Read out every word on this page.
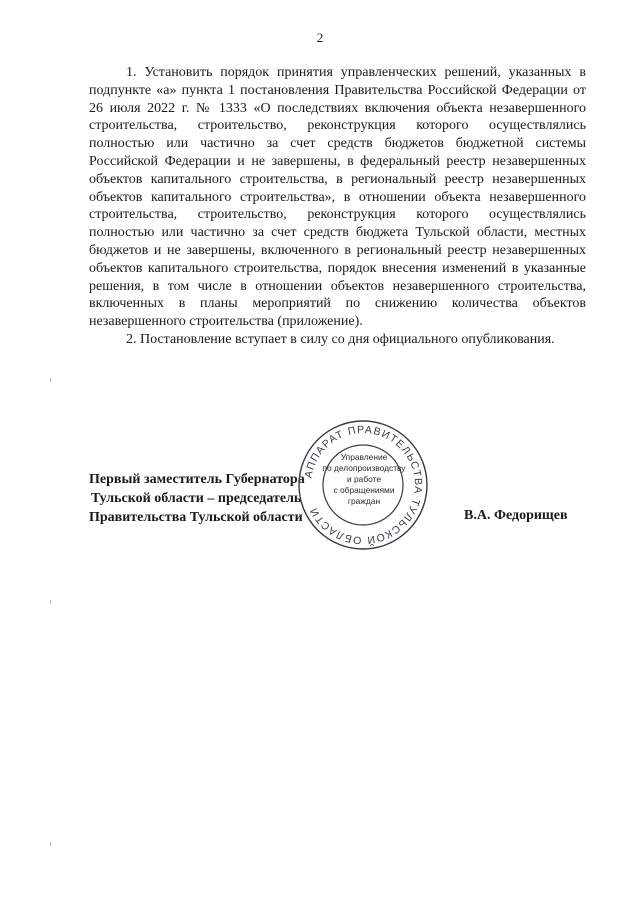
2

1. Установить порядок принятия управленческих решений, указанных в подпункте «а» пункта 1 постановления Правительства Российской Федерации от 26 июля 2022 г. № 1333 «О последствиях включения объекта незавершенного строительства, строительство, реконструкция которого осуществлялись полностью или частично за счет средств бюджетов бюджетной системы Российской Федерации и не завершены, в федеральный реестр незавершенных объектов капитального строительства, в региональный реестр незавершенных объектов капитального строительства», в отношении объекта незавершенного строительства, строительство, реконструкция которого осуществлялись полностью или частично за счет средств бюджета Тульской области, местных бюджетов и не завершены, включенного в региональный реестр незавершенных объектов капитального строительства, порядок внесения изменений в указанные решения, в том числе в отношении объектов незавершенного строительства, включенных в планы мероприятий по снижению количества объектов незавершенного строительства (приложение).

2. Постановление вступает в силу со дня официального опубликования.

Первый заместитель Губернатора
Тульской области – председатель
Правительства Тульской области	В.А. Федорищев
АППАРАТ ПРАВИТЕЛЬСТВА ТУЛЬСКОЙ ОБЛАСТИ
Управление
по делопроизводству
и работе
с обращениями
граждан
